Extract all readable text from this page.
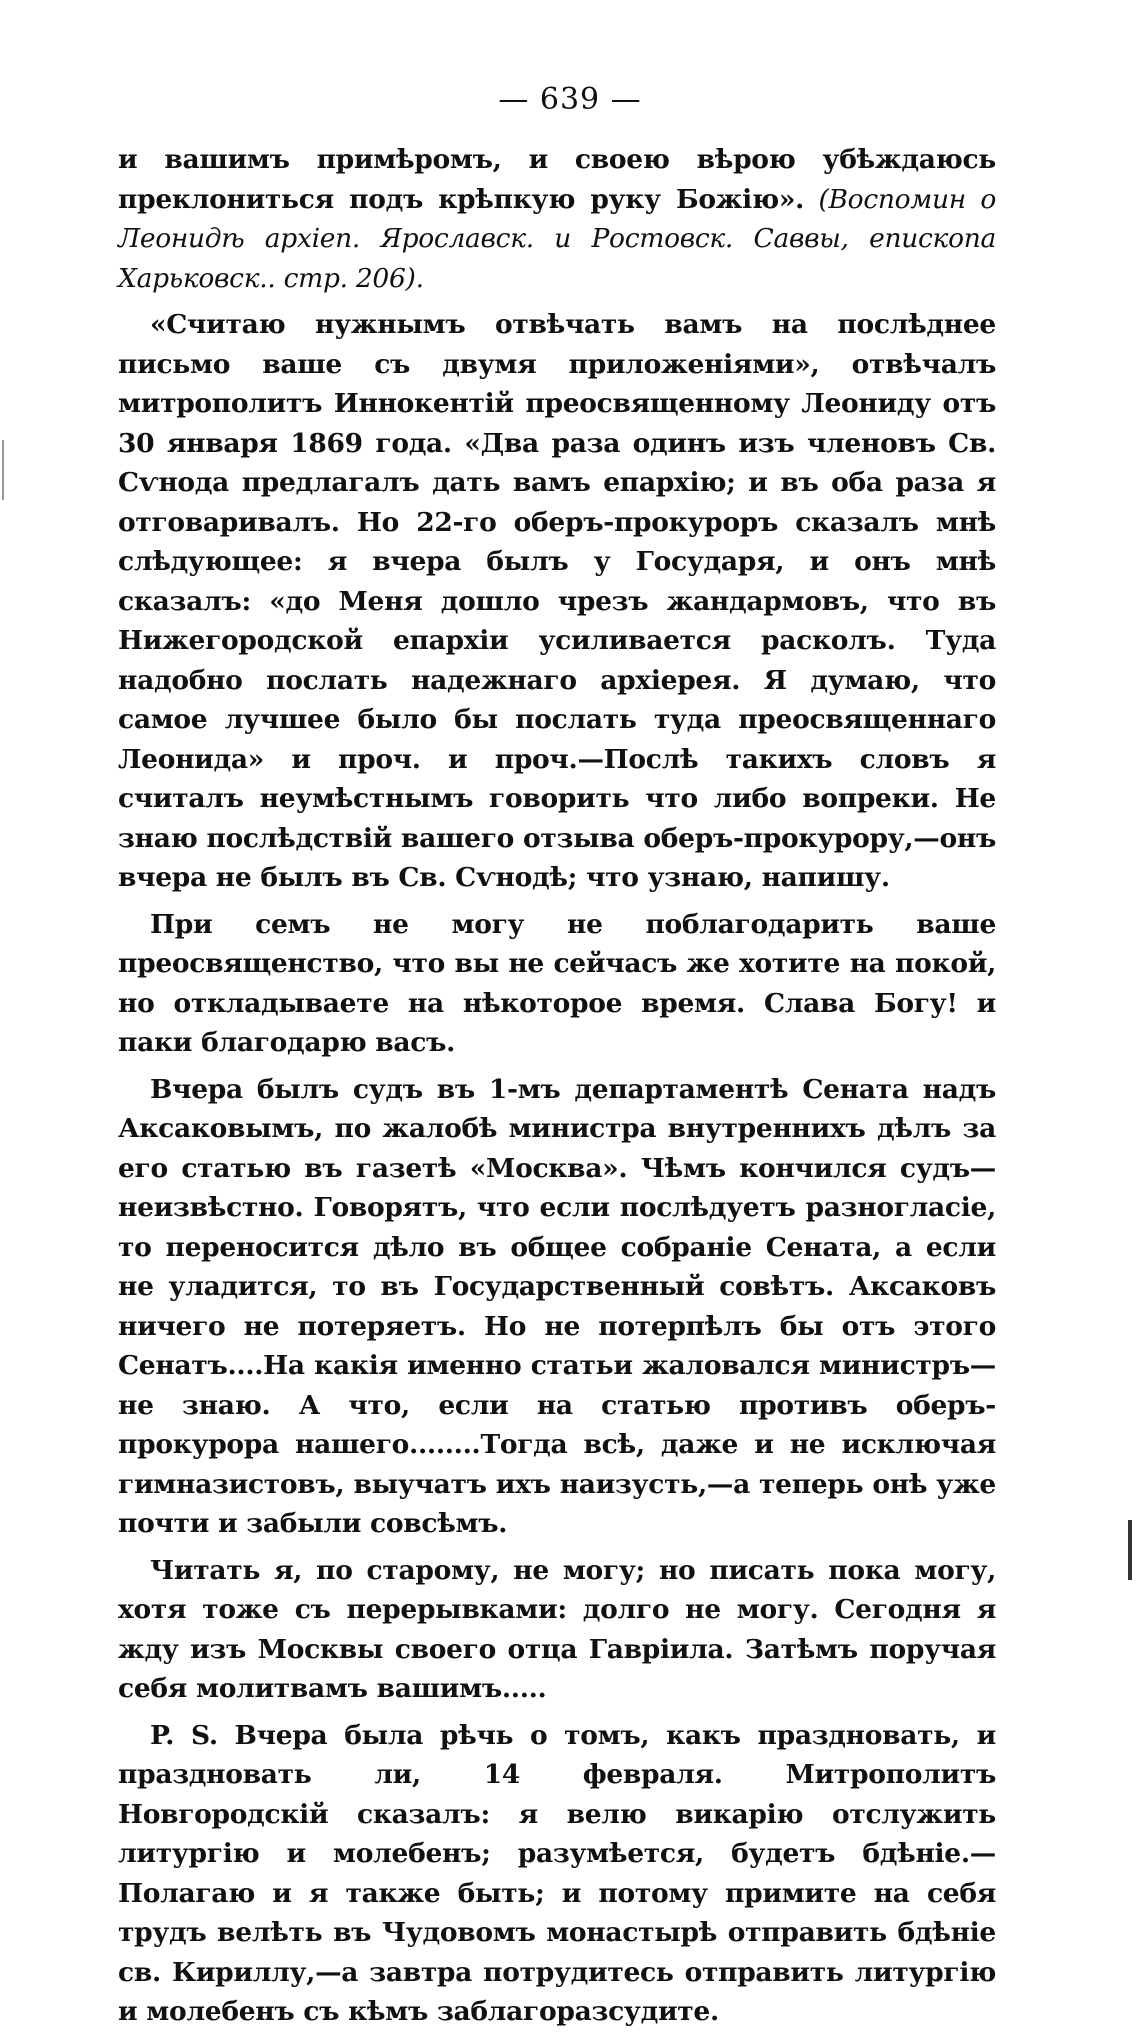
— 639 —

и вашимъ примѣромъ, и своею вѣрою убѣждаюсь преклониться подъ крѣпкую руку Божію». (Воспомин о Леонидѣ архіеп. Ярославск. и Ростовск. Саввы, епископа Харьковск.. стр. 206).

«Считаю нужнымъ отвѣчать вамъ на послѣднее письмо ваше съ двумя приложеніями», отвѣчалъ митрополитъ Иннокентій преосвященному Леониду отъ 30 января 1869 года. «Два раза одинъ изъ членовъ Св. Сѵнода предлагалъ дать вамъ епархію; и въ оба раза я отговаривалъ. Но 22-го оберъ-прокуроръ сказалъ мнѣ слѣдующее: я вчера былъ у Государя, и онъ мнѣ сказалъ: «до Меня дошло чрезъ жандармовъ, что въ Нижегородской епархіи усиливается расколъ. Туда надобно послать надежнаго архіерея. Я думаю, что самое лучшее было бы послать туда преосвященнаго Леонида» и проч. и проч.—Послѣ такихъ словъ я считалъ неумѣстнымъ говорить что либо вопреки. Не знаю послѣдствій вашего отзыва оберъ-прокурору,—онъ вчера не былъ въ Св. Сѵнодѣ; что узнаю, напишу.

При семъ не могу не поблагодарить ваше преосвященство, что вы не сейчасъ же хотите на покой, но откладываете на нѣкоторое время. Слава Богу! и паки благодарю васъ.

Вчера былъ судъ въ 1-мъ департаментѣ Сената надъ Аксаковымъ, по жалобѣ министра внутреннихъ дѣлъ за его статью въ газетѣ «Москва». Чѣмъ кончился судъ—неизвѣстно. Говорятъ, что если послѣдуетъ разногласіе, то переносится дѣло въ общее собраніе Сената, а если не уладится, то въ Государственный совѣтъ. Аксаковъ ничего не потеряетъ. Но не потерпѣлъ бы отъ этого Сенатъ....На какія именно статьи жаловался министръ—не знаю. А что, если на статью противъ оберъ-прокурора нашего........Тогда всѣ, даже и не исключая гимназистовъ, выучатъ ихъ наизусть,—а теперь онѣ уже почти и забыли совсѣмъ.

Читать я, по старому, не могу; но писать пока могу, хотя тоже съ перерывками: долго не могу. Сегодня я жду изъ Москвы своего отца Гавріила. Затѣмъ поручая себя молитвамъ вашимъ.....

P. S. Вчера была рѣчь о томъ, какъ праздновать, и праздновать ли, 14 февраля. Митрополитъ Новгородскій сказалъ: я велю викарію отслужить литургію и молебенъ; разумѣется, будетъ бдѣніе.—Полагаю и я также быть; и потому примите на себя трудъ велѣть въ Чудовомъ монастырѣ отправить бдѣніе св. Кириллу,—а завтра потрудитесь отправить литургію и молебенъ съ кѣмъ заблагоразсудите.
